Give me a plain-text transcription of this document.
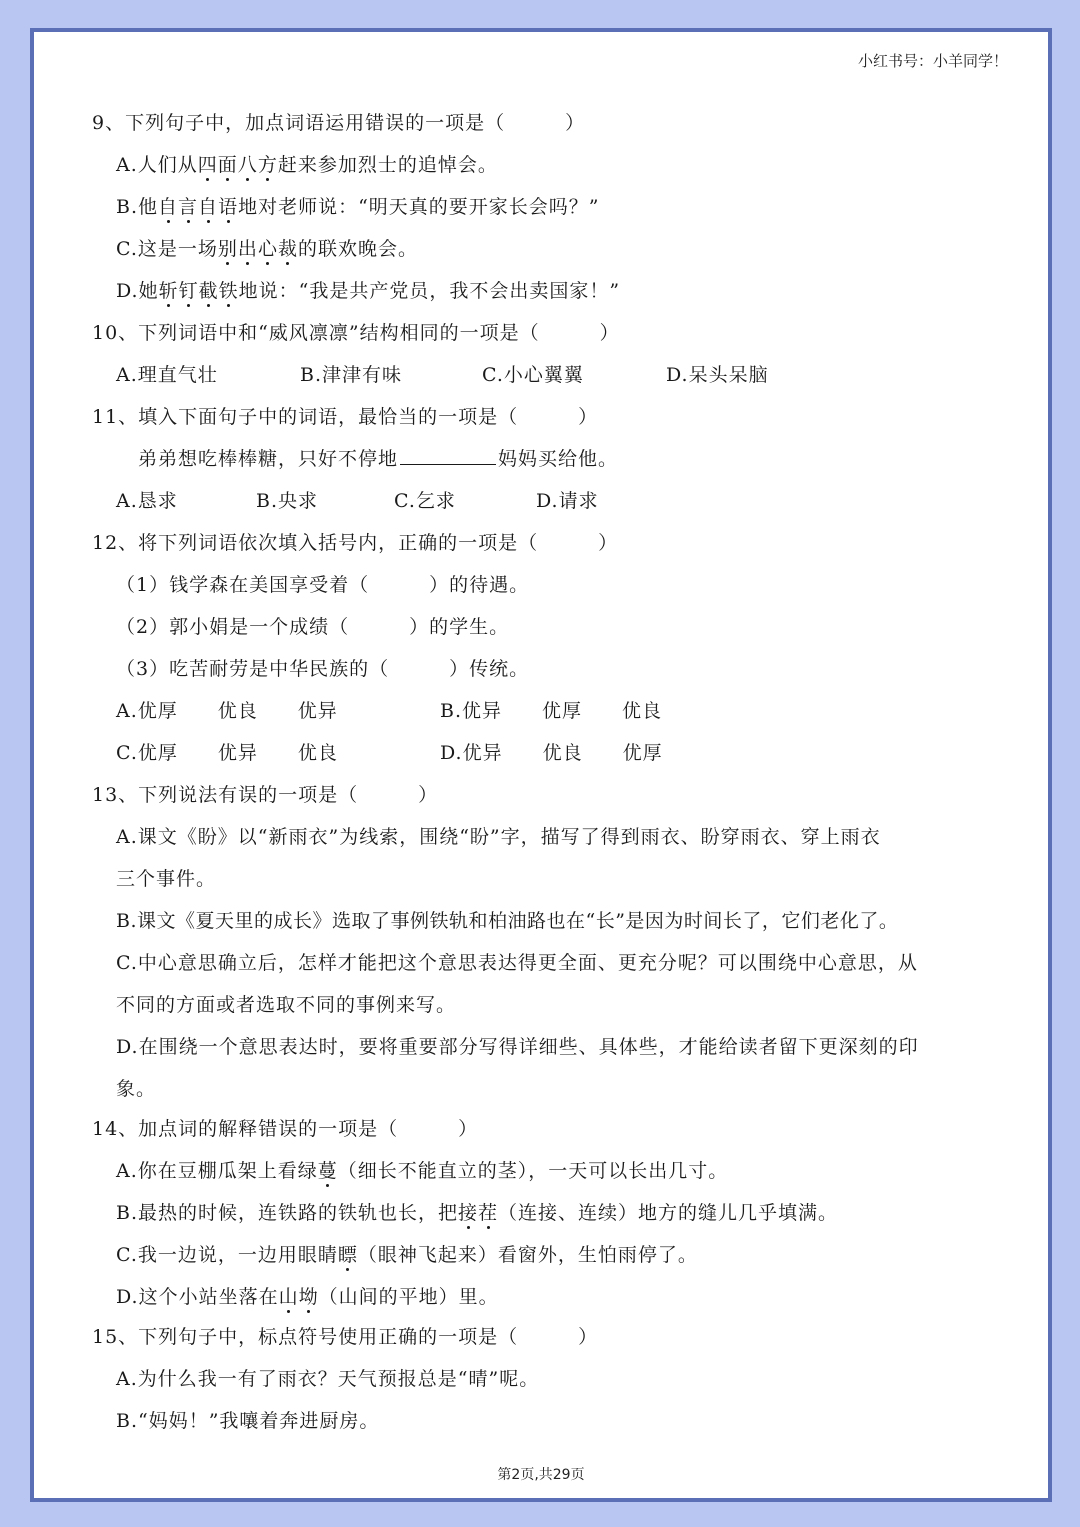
小红书号：小羊同学！
9、下列句子中，加点词语运用错误的一项是（　　　）
A.人们从四面八方赶来参加烈士的追悼会。
B.他自言自语地对老师说：“明天真的要开家长会吗？”
C.这是一场别出心裁的联欢晚会。
D.她斩钉截铁地说：“我是共产党员，我不会出卖国家！”
10、下列词语中和“威风凛凛”结构相同的一项是（　　　）
A.理直气壮	B.津津有味	C.小心翼翼	D.呆头呆脑
11、填入下面句子中的词语，最恰当的一项是（　　　）
弟弟想吃棒棒糖，只好不停地	妈妈买给他。
A.恳求	B.央求	C.乞求	D.请求
12、将下列词语依次填入括号内，正确的一项是（　　　）
（1）钱学森在美国享受着（　　　）的待遇。
（2）郭小娟是一个成绩（　　　）的学生。
（3）吃苦耐劳是中华民族的（　　　）传统。
A.优厚　　优良　　优异	B.优异　　优厚　　优良
C.优厚　　优异　　优良	D.优异　　优良　　优厚
13、下列说法有误的一项是（　　　）
A.课文《盼》以“新雨衣”为线索，围绕“盼”字，描写了得到雨衣、盼穿雨衣、穿上雨衣
三个事件。
B.课文《夏天里的成长》选取了事例铁轨和柏油路也在“长”是因为时间长了，它们老化了。
C.中心意思确立后，怎样才能把这个意思表达得更全面、更充分呢？可以围绕中心意思，从
不同的方面或者选取不同的事例来写。
D.在围绕一个意思表达时，要将重要部分写得详细些、具体些，才能给读者留下更深刻的印
象。
14、加点词的解释错误的一项是（　　　）
A.你在豆棚瓜架上看绿蔓（细长不能直立的茎），一天可以长出几寸。
B.最热的时候，连铁路的铁轨也长，把接茬（连接、连续）地方的缝儿几乎填满。
C.我一边说，一边用眼睛瞟（眼神飞起来）看窗外，生怕雨停了。
D.这个小站坐落在山坳（山间的平地）里。
15、下列句子中，标点符号使用正确的一项是（　　　）
A.为什么我一有了雨衣？天气预报总是“晴”呢。
B.“妈妈！”我嚷着奔进厨房。
第2页,共29页
